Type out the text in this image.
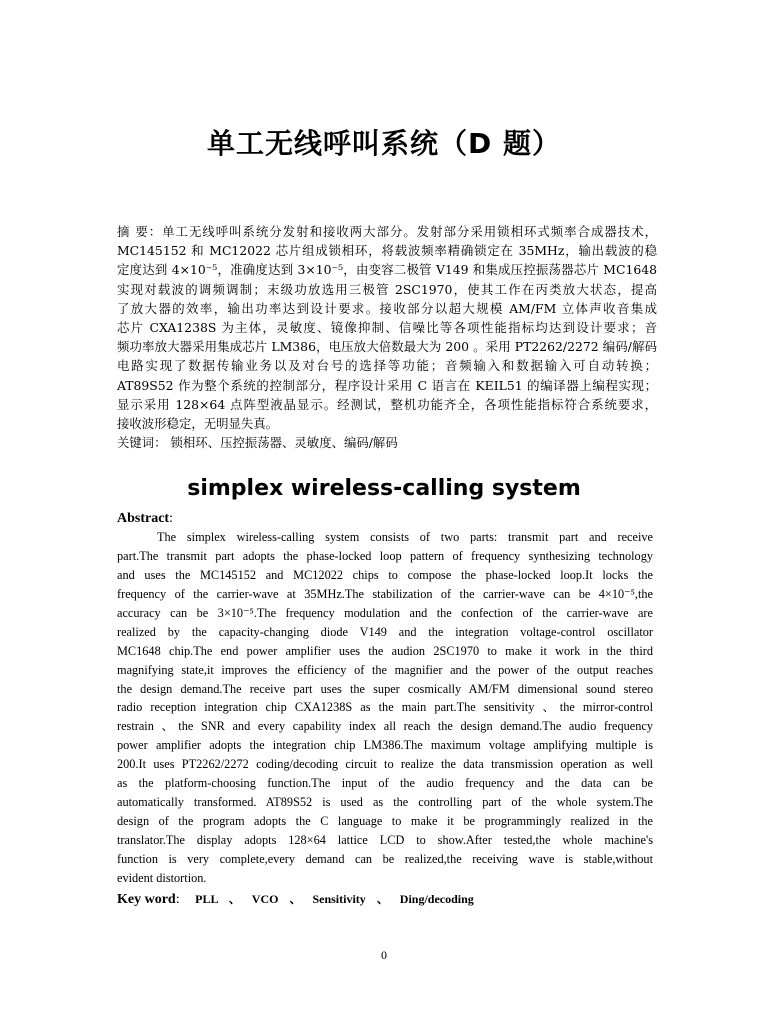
单工无线呼叫系统（D 题）
摘 要：单工无线呼叫系统分发射和接收两大部分。发射部分采用锁相环式频率合成器技术，
MC145152 和 MC12022 芯片组成锁相环，将载波频率精确锁定在 35MHz，输出载波的稳
定度达到 4×10⁻⁵，准确度达到 3×10⁻⁵，由变容二极管 V149 和集成压控振荡器芯片 MC1648
实现对载波的调频调制；末级功放选用三极管 2SC1970，使其工作在丙类放大状态，提高
了放大器的效率，输出功率达到设计要求。接收部分以超大规模 AM/FM 立体声收音集成
芯片 CXA1238S 为主体，灵敏度、镜像抑制、信噪比等各项性能指标均达到设计要求；音
频功率放大器采用集成芯片 LM386，电压放大倍数最大为 200 。采用 PT2262/2272 编码/解码
电路实现了数据传输业务以及对台号的选择等功能；音频输入和数据输入可自动转换；
AT89S52 作为整个系统的控制部分，程序设计采用 C 语言在 KEIL51 的编译器上编程实现；
显示采用 128×64 点阵型液晶显示。经测试，整机功能齐全，各项性能指标符合系统要求，
接收波形稳定，无明显失真。
关键词： 锁相环、压控振荡器、灵敏度、编码/解码
simplex wireless-calling system
Abstract:
The simplex wireless-calling system consists of two parts: transmit part and receive
part.The transmit part adopts the phase-locked loop pattern of frequency synthesizing technology
and uses the MC145152 and MC12022 chips to compose the phase-locked loop.It locks the
frequency of the carrier-wave at 35MHz.The stabilization of the carrier-wave can be 4×10⁻⁵,the
accuracy can be 3×10⁻⁵.The frequency modulation and the confection of the carrier-wave are
realized by the capacity-changing diode V149 and the integration voltage-control oscillator
MC1648 chip.The end power amplifier uses the audion 2SC1970 to make it work in the third
magnifying state,it improves the efficiency of the magnifier and the power of the output reaches
the design demand.The receive part uses the super cosmically AM/FM dimensional sound stereo
radio reception integration chip CXA1238S as the main part.The sensitivity 、the mirror-control
restrain 、the SNR and every capability index all reach the design demand.The audio frequency
power amplifier adopts the integration chip LM386.The maximum voltage amplifying multiple is
200.It uses PT2262/2272 coding/decoding circuit to realize the data transmission operation as well
as the platform-choosing function.The input of the audio frequency and the data can be
automatically transformed. AT89S52 is used as the controlling part of the whole system.The
design of the program adopts the C language to make it be programmingly realized in the
translator.The display adopts 128×64 lattice LCD to show.After tested,the whole machine's
function is very complete,every demand can be realized,the receiving wave is stable,without
evident distortion.
Key word: PLL 、 VCO 、 Sensitivity 、 Ding/decoding
0
